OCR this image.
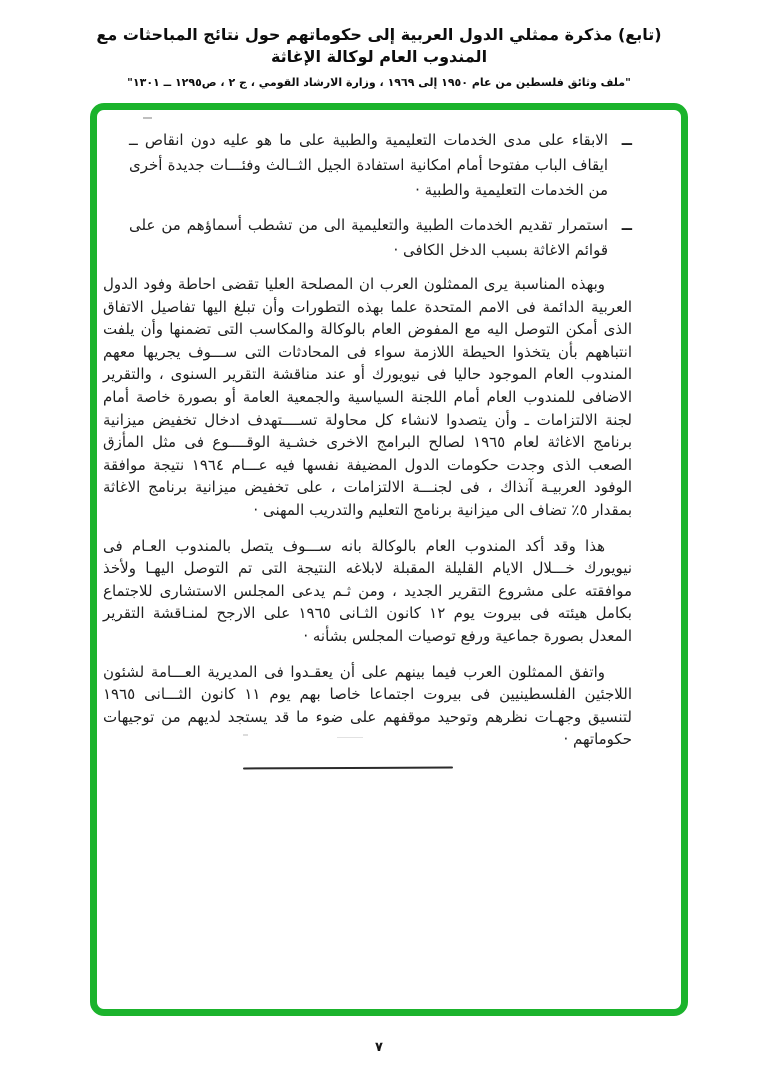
(تابع) مذكرة ممثلي الدول العربية إلى حكوماتهم حول نتائج المباحثات مع المندوب العام لوكالة الإغاثة
"ملف وثائق فلسطين من عام ١٩٥٠ إلى ١٩٦٩ ، وزارة الارشاد القومي ، ج ٢ ، ص١٢٩٥ ــ ١٣٠١"
ــ
الابقاء على مدى الخدمات التعليمية والطبية على ما هو عليه دون انقاص ــ ايقاف الباب مفتوحا أمام امكانية استفادة الجيل الثــالث وفئـــات جديدة أخرى من الخدمات التعليمية والطبية ·
ــ
استمرار تقديم الخدمات الطبية والتعليمية الى من تشطب أسماؤهم من على قوائم الاغاثة بسبب الدخل الكافى ·

وبهذه المناسبة يرى الممثلون العرب ان المصلحة العليا تقضى احاطة وفود الدول العربية الدائمة فى الامم المتحدة علما بهذه التطورات وأن تبلغ اليها تفاصيل الاتفاق الذى أمكن التوصل اليه مع المفوض العام بالوكالة والمكاسب التى تضمنها وأن يلفت انتباههم بأن يتخذوا الحيطة اللازمة سواء فى المحادثات التى ســـوف يجريها معهم المندوب العام الموجود حاليا فى نيويورك أو عند مناقشة التقرير السنوى ، والتقرير الاضافى للمندوب العام أمام اللجنة السياسية والجمعية العامة أو بصورة خاصة أمام لجنة الالتزامات ـ وأن يتصدوا لانشاء كل محاولة تســــتهدف ادخال تخفيض ميزانية برنامج الاغاثة لعام ١٩٦٥ لصالح البرامج الاخرى خشـية الوقــــوع فى مثل المأزق الصعب الذى وجدت حكومات الدول المضيفة نفسها فيه عـــام ١٩٦٤ نتيجة موافقة الوفود العربيـة آنذاك ، فى لجنـــة الالتزامات ، على تخفيض ميزانية برنامج الاغاثة بمقدار ٥٪ تضاف الى ميزانية برنامج التعليم والتدريب المهنى ·

هذا وقد أكد المندوب العام بالوكالة بانه ســـوف يتصل بالمندوب العـام فى نيويورك خـــلال الايام القليلة المقبلة لابلاغه النتيجة التى تم التوصل اليهـا ولأخذ موافقته على مشروع التقرير الجديد ، ومن ثـم يدعى المجلس الاستشارى للاجتماع بكامل هيئته فى بيروت يوم ١٢ كانون الثـانى ١٩٦٥ على الارجح لمنـاقشة التقرير المعدل بصورة جماعية ورفع توصيات المجلس بشأنه ·

واتفق الممثلون العرب فيما بينهم على أن يعقـدوا فى المديرية العـــامة لشئون اللاجئين الفلسطينيين فى بيروت اجتماعا خاصا بهم يوم ١١ كانون الثـــانى ١٩٦٥ لتنسيق وجهـات نظرهم وتوحيد موقفهم على ضوء ما قد يستجد لديهم من توجيهات حكوماتهم ·

٧
